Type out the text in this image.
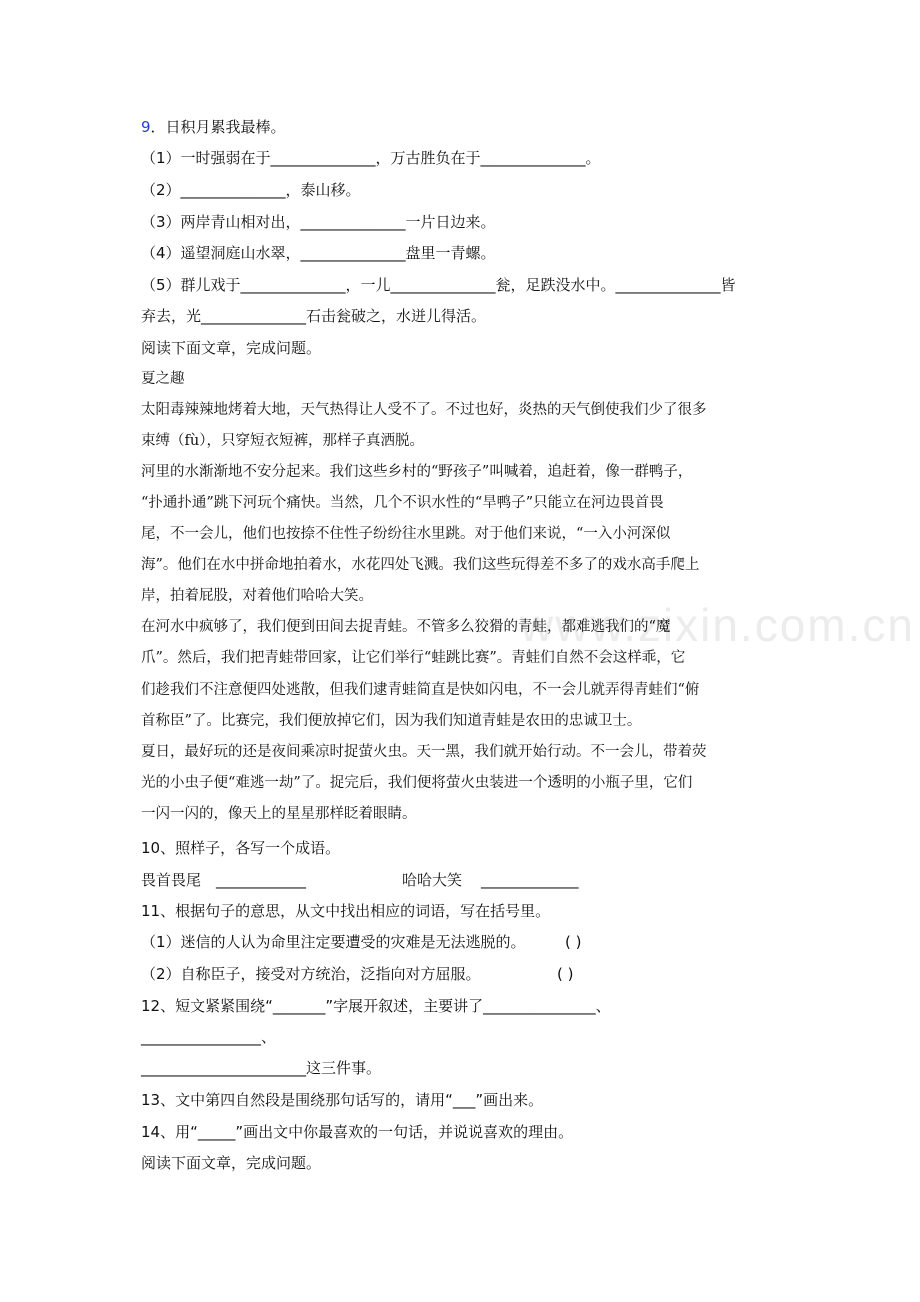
www.zixin.com.cn
9．日积月累我最棒。
（1）一时强弱在于______________，万古胜负在于______________。
（2）______________，泰山移。
（3）两岸青山相对出，______________一片日边来。
（4）遥望洞庭山水翠，______________盘里一青螺。
（5）群儿戏于______________，一儿______________瓮，足跌没水中。______________皆
弃去，光______________石击瓮破之，水迸儿得活。
阅读下面文章，完成问题。
夏之趣
太阳毒辣辣地烤着大地，天气热得让人受不了。不过也好，炎热的天气倒使我们少了很多
束缚（fù），只穿短衣短裤，那样子真洒脱。
河里的水渐渐地不安分起来。我们这些乡村的“野孩子”叫喊着，追赶着，像一群鸭子，
“扑通扑通”跳下河玩个痛快。当然，几个不识水性的“旱鸭子”只能立在河边畏首畏
尾，不一会儿，他们也按捺不住性子纷纷往水里跳。对于他们来说，“一入小河深似
海”。他们在水中拼命地拍着水，水花四处飞溅。我们这些玩得差不多了的戏水高手爬上
岸，拍着屁股，对着他们哈哈大笑。
在河水中疯够了，我们便到田间去捉青蛙。不管多么狡猾的青蛙，都难逃我们的“魔
爪”。然后，我们把青蛙带回家，让它们举行“蛙跳比赛”。青蛙们自然不会这样乖，它
们趁我们不注意便四处逃散，但我们逮青蛙简直是快如闪电，不一会儿就弄得青蛙们“俯
首称臣”了。比赛完，我们便放掉它们，因为我们知道青蛙是农田的忠诚卫士。
夏日，最好玩的还是夜间乘凉时捉萤火虫。天一黑，我们就开始行动。不一会儿，带着荧
光的小虫子便“难逃一劫”了。捉完后，我们便将萤火虫装进一个透明的小瓶子里，它们
一闪一闪的，像天上的星星那样眨着眼睛。
10、照样子，各写一个成语。
畏首畏尾 ____________	哈哈大笑 _____________
11、根据句子的意思，从文中找出相应的词语，写在括号里。
（1）迷信的人认为命里注定要遭受的灾难是无法逃脱的。	( )
（2）自称臣子，接受对方统治，泛指向对方屈服。	( )
12、短文紧紧围绕“_______”字展开叙述，主要讲了_______________、
________________、
______________________这三件事。
13、文中第四自然段是围绕那句话写的，请用“___”画出来。
14、用“_____”画出文中你最喜欢的一句话，并说说喜欢的理由。
阅读下面文章，完成问题。
